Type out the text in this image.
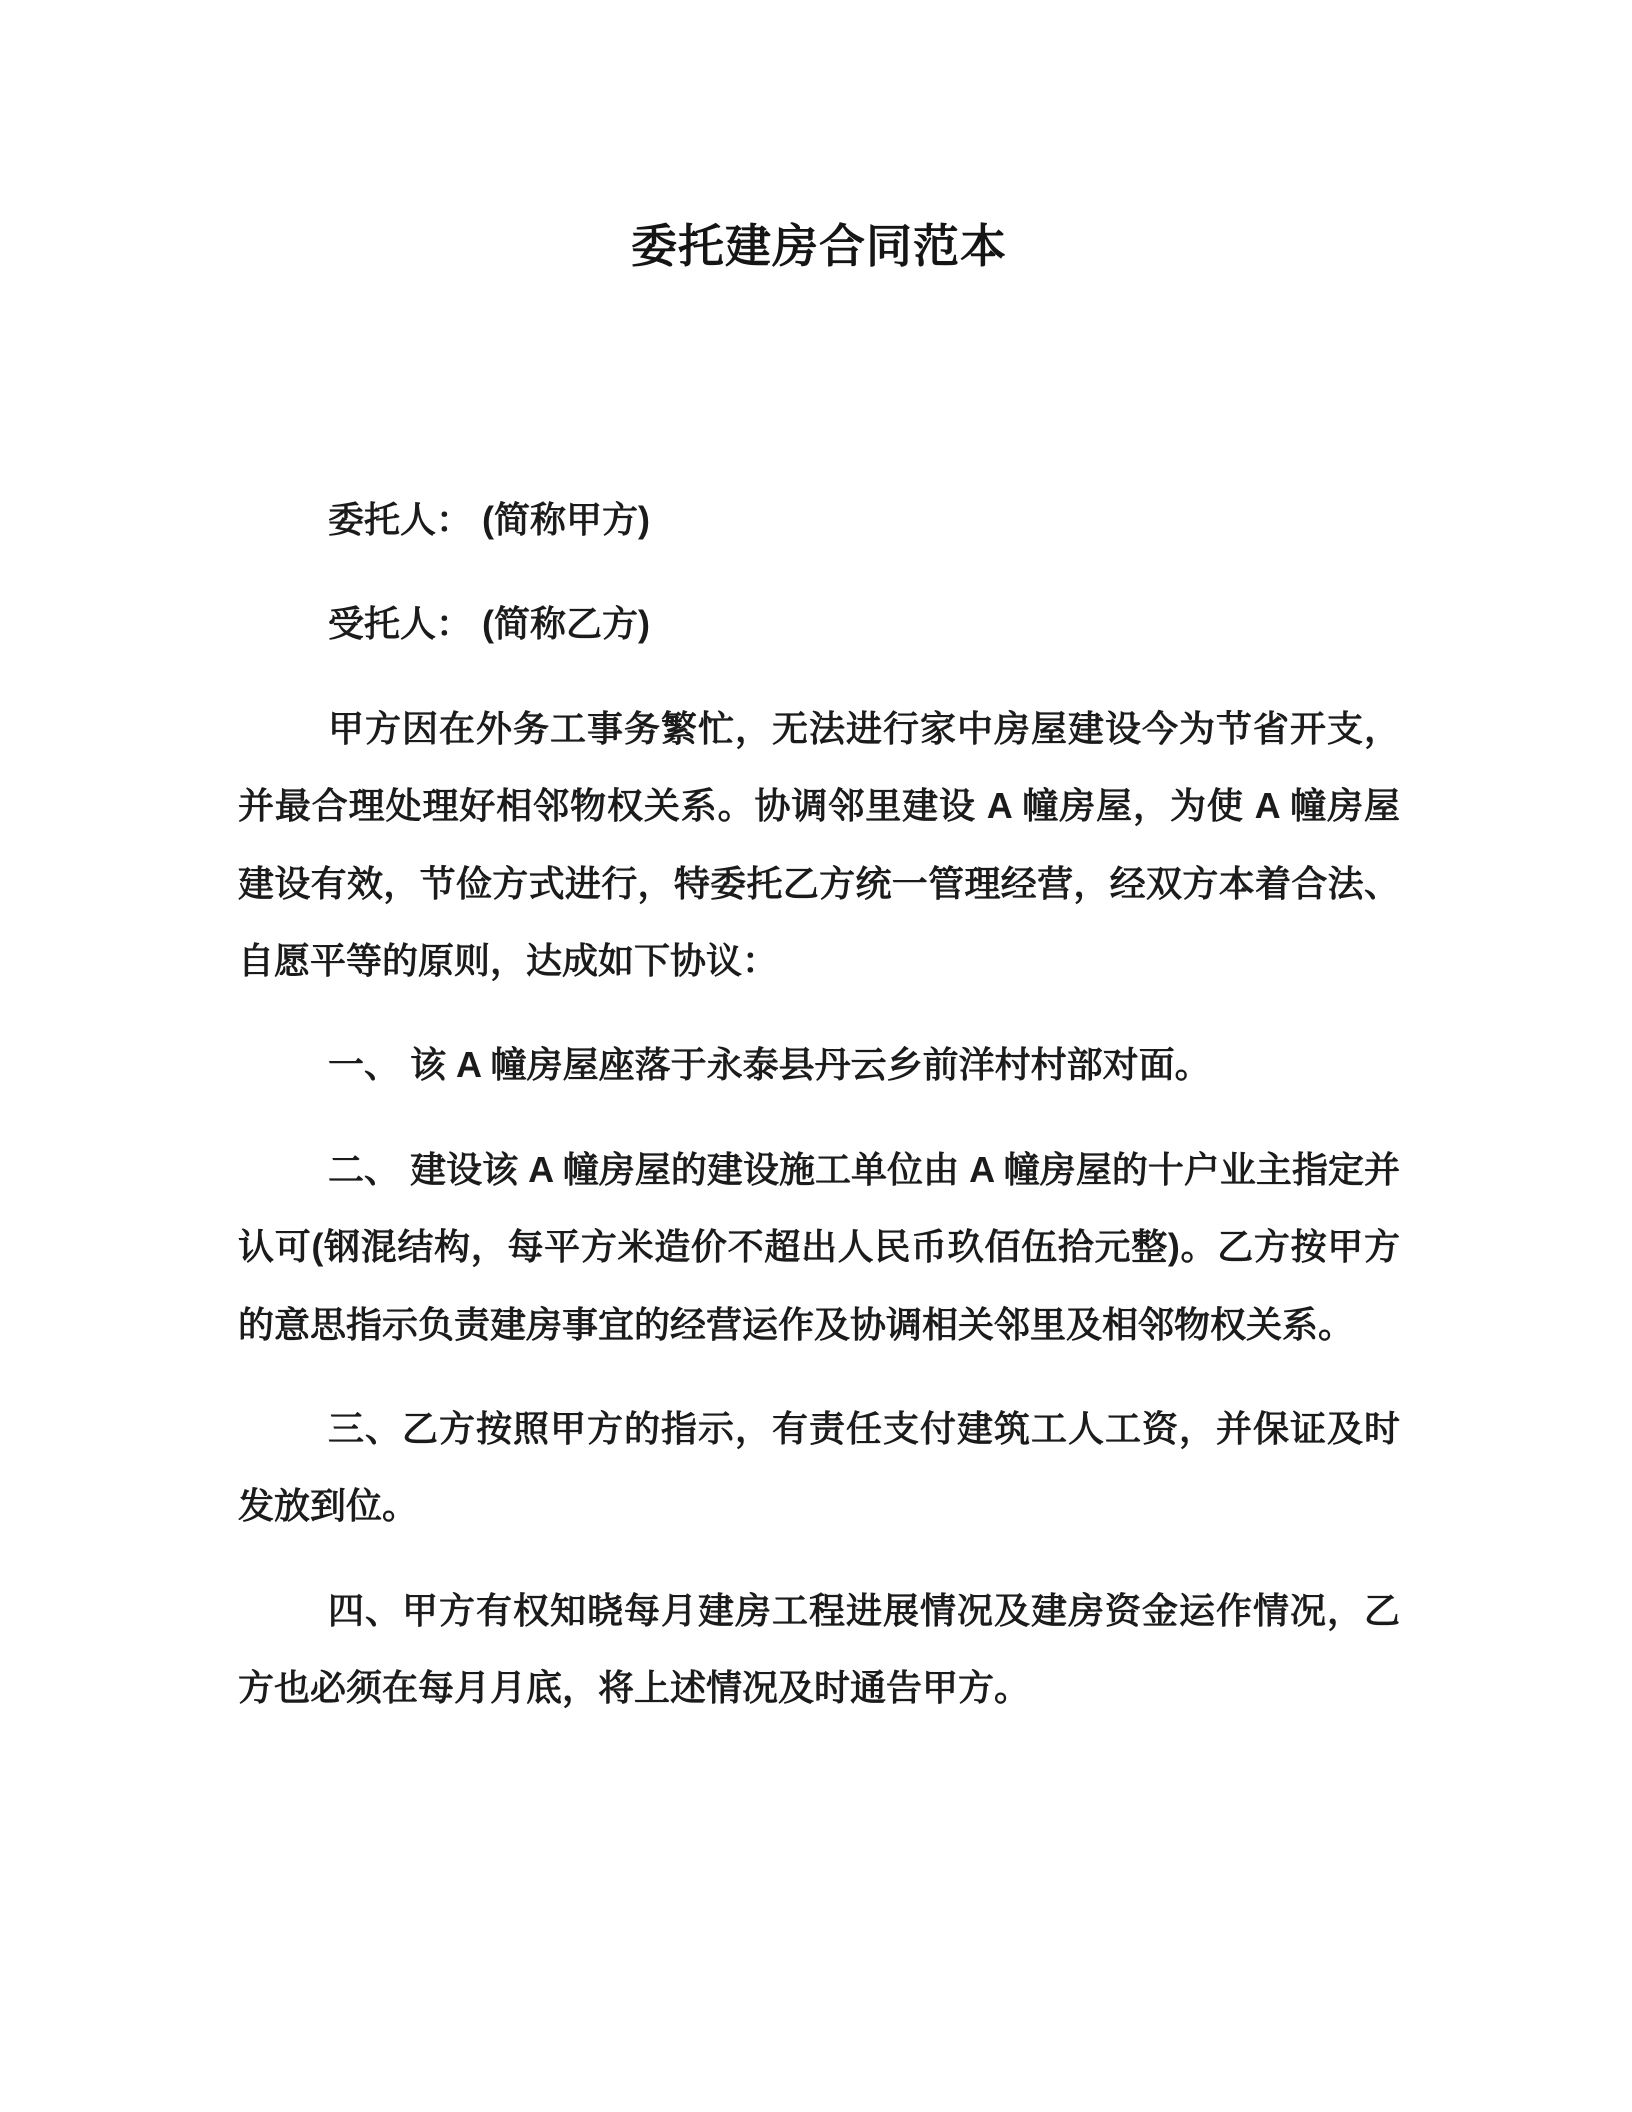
委托建房合同范本

委托人： (简称甲方)

受托人： (简称乙方)

甲方因在外务工事务繁忙，无法进行家中房屋建设今为节省开支，并最合理处理好相邻物权关系。协调邻里建设 A 幢房屋，为使 A 幢房屋建设有效，节俭方式进行，特委托乙方统一管理经营，经双方本着合法、自愿平等的原则，达成如下协议：

一、 该 A 幢房屋座落于永泰县丹云乡前洋村村部对面。

二、 建设该 A 幢房屋的建设施工单位由 A 幢房屋的十户业主指定并认可(钢混结构，每平方米造价不超出人民币玖佰伍拾元整)。乙方按甲方的意思指示负责建房事宜的经营运作及协调相关邻里及相邻物权关系。

三、乙方按照甲方的指示，有责任支付建筑工人工资，并保证及时发放到位。

四、甲方有权知晓每月建房工程进展情况及建房资金运作情况，乙方也必须在每月月底，将上述情况及时通告甲方。
